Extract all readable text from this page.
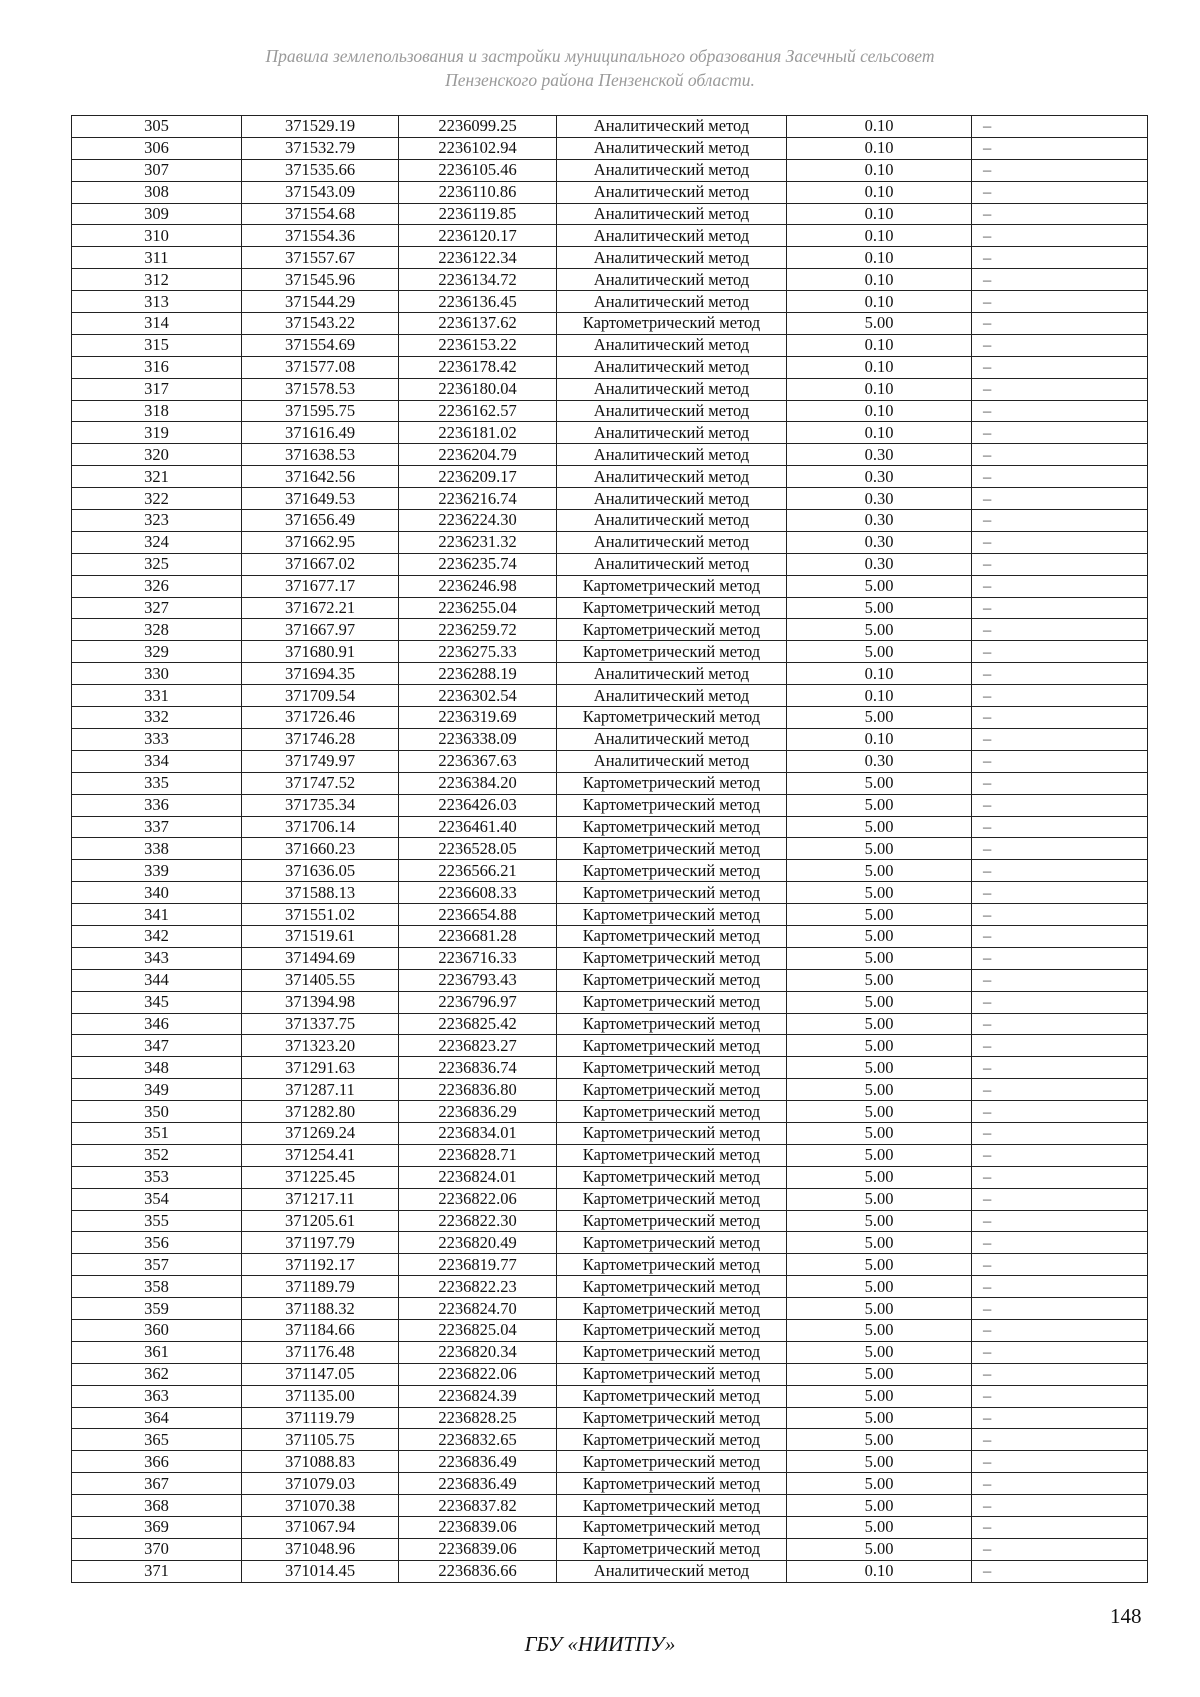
Правила землепользования и застройки муниципального образования Засечный сельсовет
Пензенского района Пензенской области.
305	371529.19	2236099.25	Аналитический метод	0.10	–
306	371532.79	2236102.94	Аналитический метод	0.10	–
307	371535.66	2236105.46	Аналитический метод	0.10	–
308	371543.09	2236110.86	Аналитический метод	0.10	–
309	371554.68	2236119.85	Аналитический метод	0.10	–
310	371554.36	2236120.17	Аналитический метод	0.10	–
311	371557.67	2236122.34	Аналитический метод	0.10	–
312	371545.96	2236134.72	Аналитический метод	0.10	–
313	371544.29	2236136.45	Аналитический метод	0.10	–
314	371543.22	2236137.62	Картометрический метод	5.00	–
315	371554.69	2236153.22	Аналитический метод	0.10	–
316	371577.08	2236178.42	Аналитический метод	0.10	–
317	371578.53	2236180.04	Аналитический метод	0.10	–
318	371595.75	2236162.57	Аналитический метод	0.10	–
319	371616.49	2236181.02	Аналитический метод	0.10	–
320	371638.53	2236204.79	Аналитический метод	0.30	–
321	371642.56	2236209.17	Аналитический метод	0.30	–
322	371649.53	2236216.74	Аналитический метод	0.30	–
323	371656.49	2236224.30	Аналитический метод	0.30	–
324	371662.95	2236231.32	Аналитический метод	0.30	–
325	371667.02	2236235.74	Аналитический метод	0.30	–
326	371677.17	2236246.98	Картометрический метод	5.00	–
327	371672.21	2236255.04	Картометрический метод	5.00	–
328	371667.97	2236259.72	Картометрический метод	5.00	–
329	371680.91	2236275.33	Картометрический метод	5.00	–
330	371694.35	2236288.19	Аналитический метод	0.10	–
331	371709.54	2236302.54	Аналитический метод	0.10	–
332	371726.46	2236319.69	Картометрический метод	5.00	–
333	371746.28	2236338.09	Аналитический метод	0.10	–
334	371749.97	2236367.63	Аналитический метод	0.30	–
335	371747.52	2236384.20	Картометрический метод	5.00	–
336	371735.34	2236426.03	Картометрический метод	5.00	–
337	371706.14	2236461.40	Картометрический метод	5.00	–
338	371660.23	2236528.05	Картометрический метод	5.00	–
339	371636.05	2236566.21	Картометрический метод	5.00	–
340	371588.13	2236608.33	Картометрический метод	5.00	–
341	371551.02	2236654.88	Картометрический метод	5.00	–
342	371519.61	2236681.28	Картометрический метод	5.00	–
343	371494.69	2236716.33	Картометрический метод	5.00	–
344	371405.55	2236793.43	Картометрический метод	5.00	–
345	371394.98	2236796.97	Картометрический метод	5.00	–
346	371337.75	2236825.42	Картометрический метод	5.00	–
347	371323.20	2236823.27	Картометрический метод	5.00	–
348	371291.63	2236836.74	Картометрический метод	5.00	–
349	371287.11	2236836.80	Картометрический метод	5.00	–
350	371282.80	2236836.29	Картометрический метод	5.00	–
351	371269.24	2236834.01	Картометрический метод	5.00	–
352	371254.41	2236828.71	Картометрический метод	5.00	–
353	371225.45	2236824.01	Картометрический метод	5.00	–
354	371217.11	2236822.06	Картометрический метод	5.00	–
355	371205.61	2236822.30	Картометрический метод	5.00	–
356	371197.79	2236820.49	Картометрический метод	5.00	–
357	371192.17	2236819.77	Картометрический метод	5.00	–
358	371189.79	2236822.23	Картометрический метод	5.00	–
359	371188.32	2236824.70	Картометрический метод	5.00	–
360	371184.66	2236825.04	Картометрический метод	5.00	–
361	371176.48	2236820.34	Картометрический метод	5.00	–
362	371147.05	2236822.06	Картометрический метод	5.00	–
363	371135.00	2236824.39	Картометрический метод	5.00	–
364	371119.79	2236828.25	Картометрический метод	5.00	–
365	371105.75	2236832.65	Картометрический метод	5.00	–
366	371088.83	2236836.49	Картометрический метод	5.00	–
367	371079.03	2236836.49	Картометрический метод	5.00	–
368	371070.38	2236837.82	Картометрический метод	5.00	–
369	371067.94	2236839.06	Картометрический метод	5.00	–
370	371048.96	2236839.06	Картометрический метод	5.00	–
371	371014.45	2236836.66	Аналитический метод	0.10	–
148
ГБУ «НИИТПУ»
